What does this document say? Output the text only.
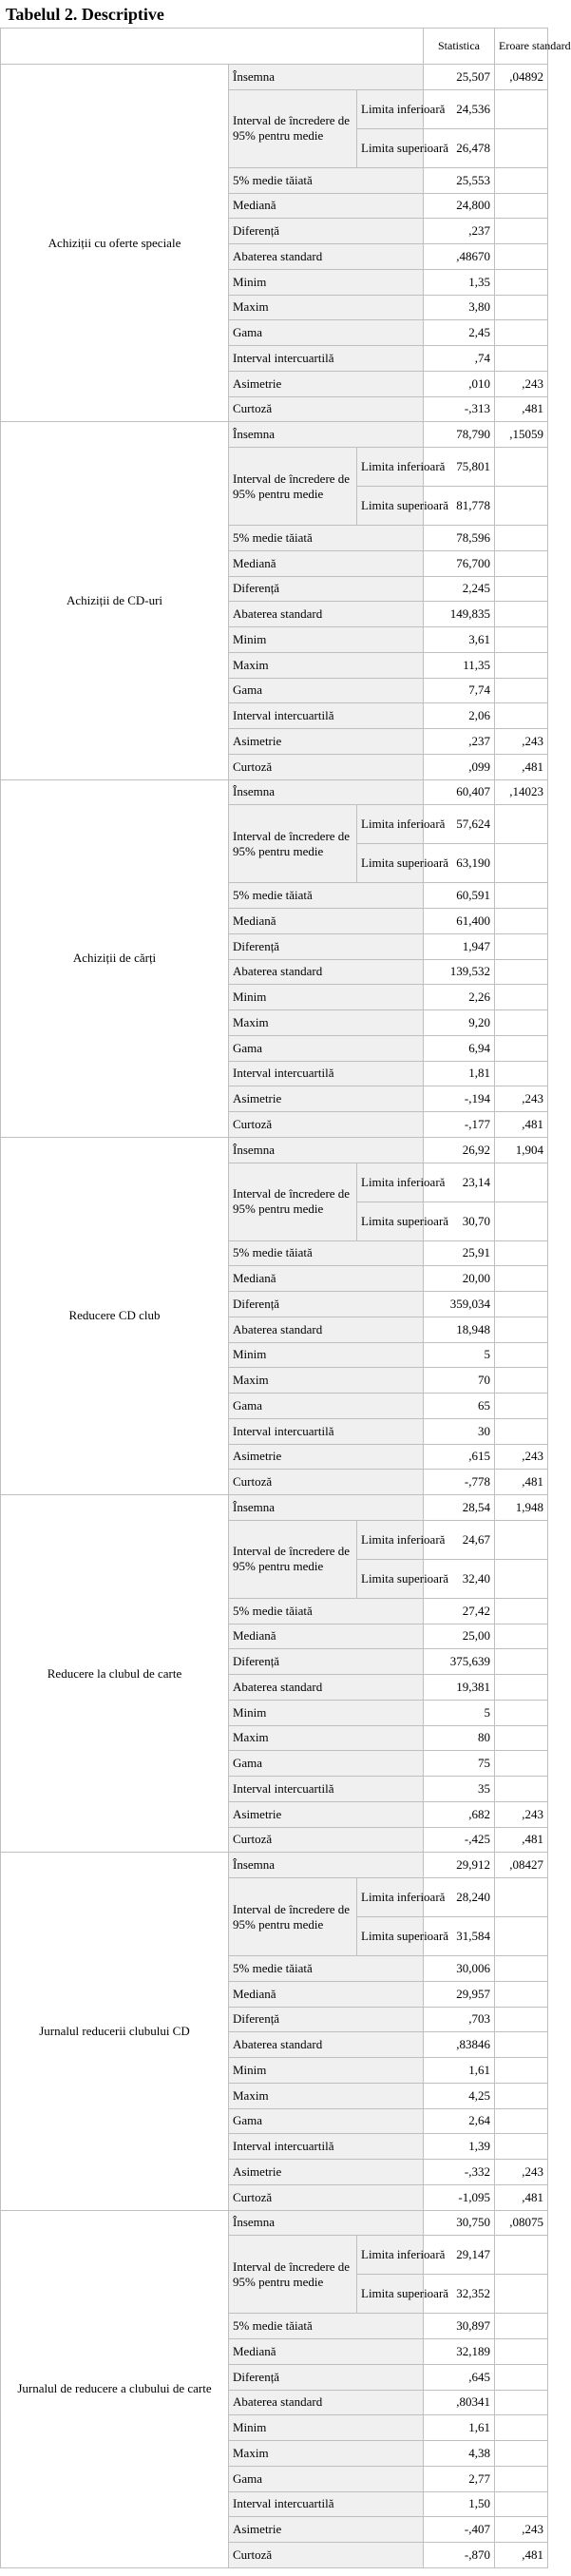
Tabelul 2. Descriptive
			Statistica	Eroare standard
Achiziții cu oferte speciale	Însemna		25,507	,04892
	Interval de încredere de 95% pentru medie	Limita inferioară	24,536	
		Limita superioară	26,478	
	5% medie tăiată		25,553	
	Mediană		24,800	
	Diferență		,237	
	Abaterea standard		,48670	
	Minim		1,35	
	Maxim		3,80	
	Gama		2,45	
	Interval intercuartilă		,74	
	Asimetrie		,010	,243
	Curtoză		-,313	,481
Achiziții de CD-uri	Însemna		78,790	,15059
	Interval de încredere de 95% pentru medie	Limita inferioară	75,801	
		Limita superioară	81,778	
	5% medie tăiată		78,596	
	Mediană		76,700	
	Diferență		2,245	
	Abaterea standard		149,835	
	Minim		3,61	
	Maxim		11,35	
	Gama		7,74	
	Interval intercuartilă		2,06	
	Asimetrie		,237	,243
	Curtoză		,099	,481
Achiziții de cărți	Însemna		60,407	,14023
	Interval de încredere de 95% pentru medie	Limita inferioară	57,624	
		Limita superioară	63,190	
	5% medie tăiată		60,591	
	Mediană		61,400	
	Diferență		1,947	
	Abaterea standard		139,532	
	Minim		2,26	
	Maxim		9,20	
	Gama		6,94	
	Interval intercuartilă		1,81	
	Asimetrie		-,194	,243
	Curtoză		-,177	,481
Reducere CD club	Însemna		26,92	1,904
	Interval de încredere de 95% pentru medie	Limita inferioară	23,14	
		Limita superioară	30,70	
	5% medie tăiată		25,91	
	Mediană		20,00	
	Diferență		359,034	
	Abaterea standard		18,948	
	Minim		5	
	Maxim		70	
	Gama		65	
	Interval intercuartilă		30	
	Asimetrie		,615	,243
	Curtoză		-,778	,481
Reducere la clubul de carte	Însemna		28,54	1,948
	Interval de încredere de 95% pentru medie	Limita inferioară	24,67	
		Limita superioară	32,40	
	5% medie tăiată		27,42	
	Mediană		25,00	
	Diferență		375,639	
	Abaterea standard		19,381	
	Minim		5	
	Maxim		80	
	Gama		75	
	Interval intercuartilă		35	
	Asimetrie		,682	,243
	Curtoză		-,425	,481
Jurnalul reducerii clubului CD	Însemna		29,912	,08427
	Interval de încredere de 95% pentru medie	Limita inferioară	28,240	
		Limita superioară	31,584	
	5% medie tăiată		30,006	
	Mediană		29,957	
	Diferență		,703	
	Abaterea standard		,83846	
	Minim		1,61	
	Maxim		4,25	
	Gama		2,64	
	Interval intercuartilă		1,39	
	Asimetrie		-,332	,243
	Curtoză		-1,095	,481
Jurnalul de reducere a clubului de carte	Însemna		30,750	,08075
	Interval de încredere de 95% pentru medie	Limita inferioară	29,147	
		Limita superioară	32,352	
	5% medie tăiată		30,897	
	Mediană		32,189	
	Diferență		,645	
	Abaterea standard		,80341	
	Minim		1,61	
	Maxim		4,38	
	Gama		2,77	
	Interval intercuartilă		1,50	
	Asimetrie		-,407	,243
	Curtoză		-,870	,481
